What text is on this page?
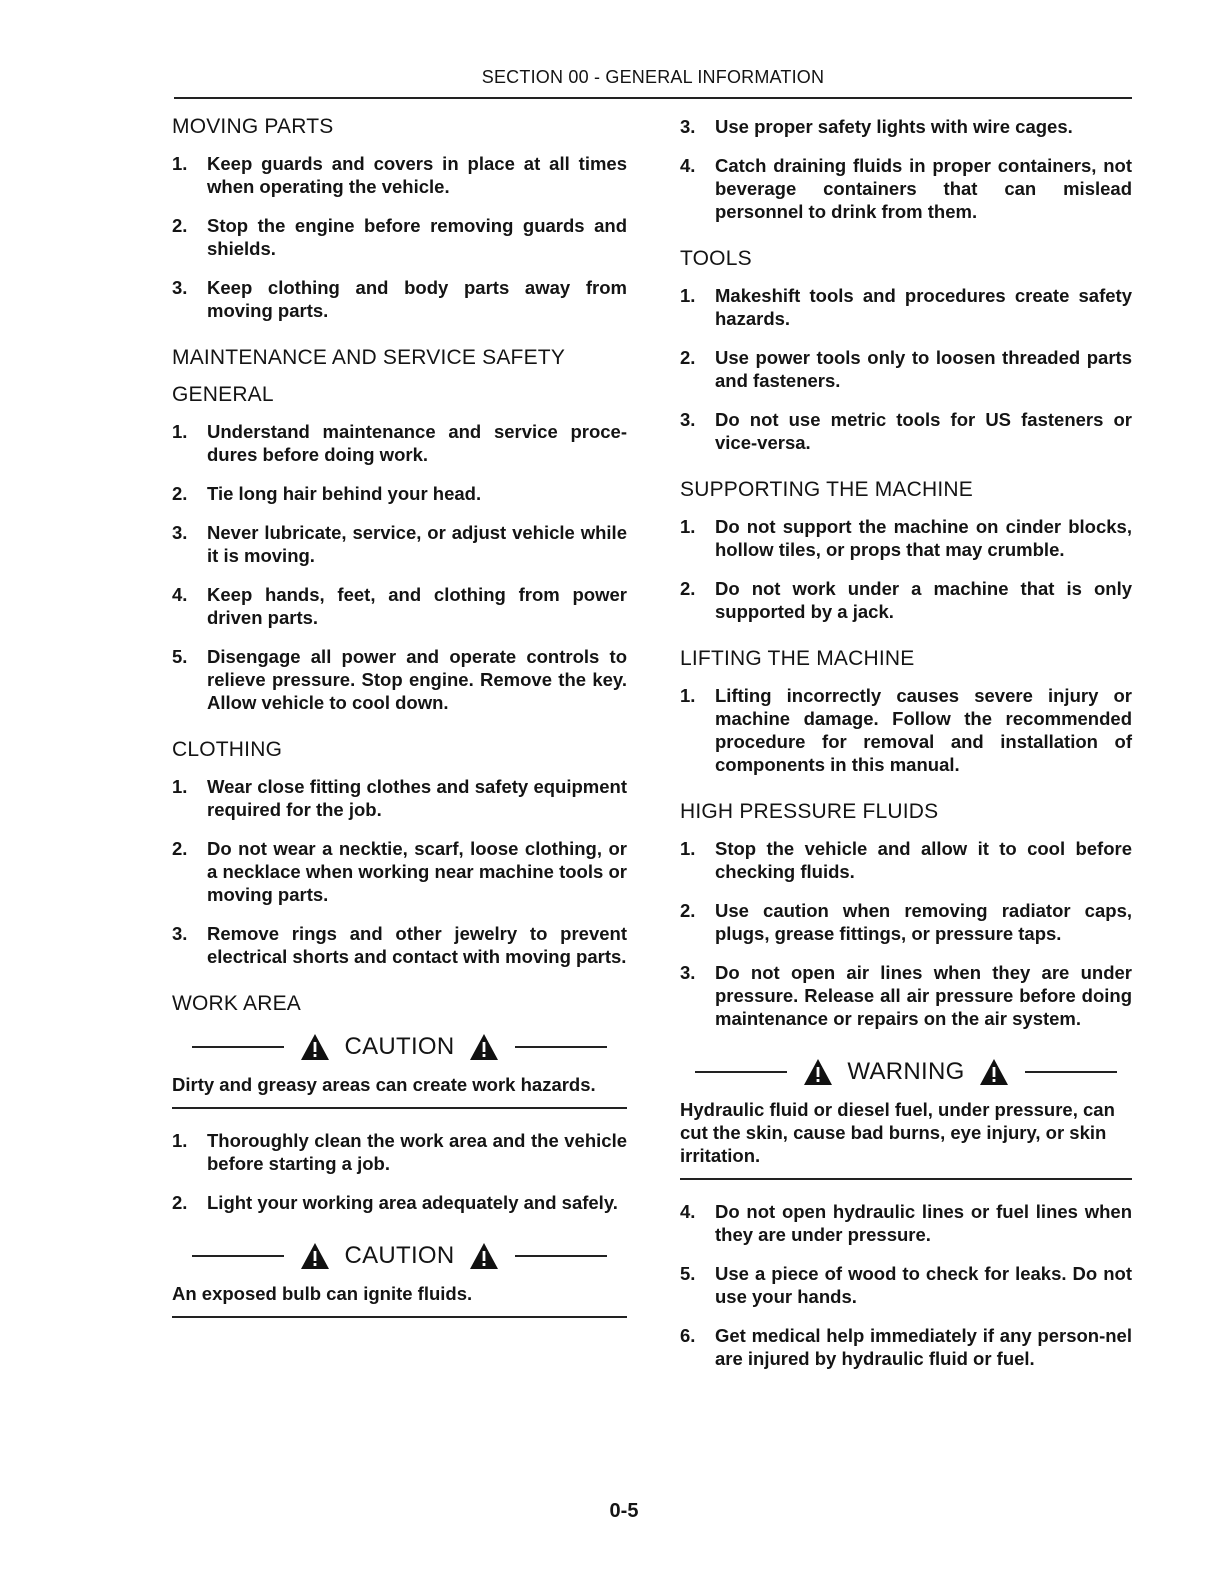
SECTION 00 - GENERAL INFORMATION
MOVING PARTS
1.	Keep guards and covers in place at all times when operating the vehicle.
2.	Stop the engine before removing guards and shields.
3.	Keep clothing and body parts away from moving parts.
MAINTENANCE AND SERVICE SAFETY
GENERAL
1.	Understand maintenance and service proce-dures before doing work.
2.	Tie long hair behind your head.
3.	Never lubricate, service, or adjust vehicle while it is moving.
4.	Keep hands, feet, and clothing from power driven parts.
5.	Disengage all power and operate controls to relieve pressure. Stop engine. Remove the key. Allow vehicle to cool down.
CLOTHING
1.	Wear close fitting clothes and safety equipment required for the job.
2.	Do not wear a necktie, scarf, loose clothing, or a necklace when working near machine tools or moving parts.
3.	Remove rings and other jewelry to prevent electrical shorts and contact with moving parts.
WORK AREA
CAUTION
Dirty and greasy areas can create work hazards.
1.	Thoroughly clean the work area and the vehicle before starting a job.
2.	Light your working area adequately and safely.
CAUTION
An exposed bulb can ignite fluids.
3.	Use proper safety lights with wire cages.
4.	Catch draining fluids in proper containers, not beverage containers that can mislead personnel to drink from them.
TOOLS
1.	Makeshift tools and procedures create safety hazards.
2.	Use power tools only to loosen threaded parts and fasteners.
3.	Do not use metric tools for US fasteners or vice-versa.
SUPPORTING THE MACHINE
1.	Do not support the machine on cinder blocks, hollow tiles, or props that may crumble.
2.	Do not work under a machine that is only supported by a jack.
LIFTING THE MACHINE
1.	Lifting incorrectly causes severe injury or machine damage. Follow the recommended procedure for removal and installation of components in this manual.
HIGH PRESSURE FLUIDS
1.	Stop the vehicle and allow it to cool before checking fluids.
2.	Use caution when removing radiator caps, plugs, grease fittings, or pressure taps.
3.	Do not open air lines when they are under pressure. Release all air pressure before doing maintenance or repairs on the air system.
WARNING
Hydraulic fluid or diesel fuel, under pressure, can cut the skin, cause bad burns, eye injury, or skin irritation.
4.	Do not open hydraulic lines or fuel lines when they are under pressure.
5.	Use a piece of wood to check for leaks. Do not use your hands.
6.	Get medical help immediately if any person-nel are injured by hydraulic fluid or fuel.
0-5
